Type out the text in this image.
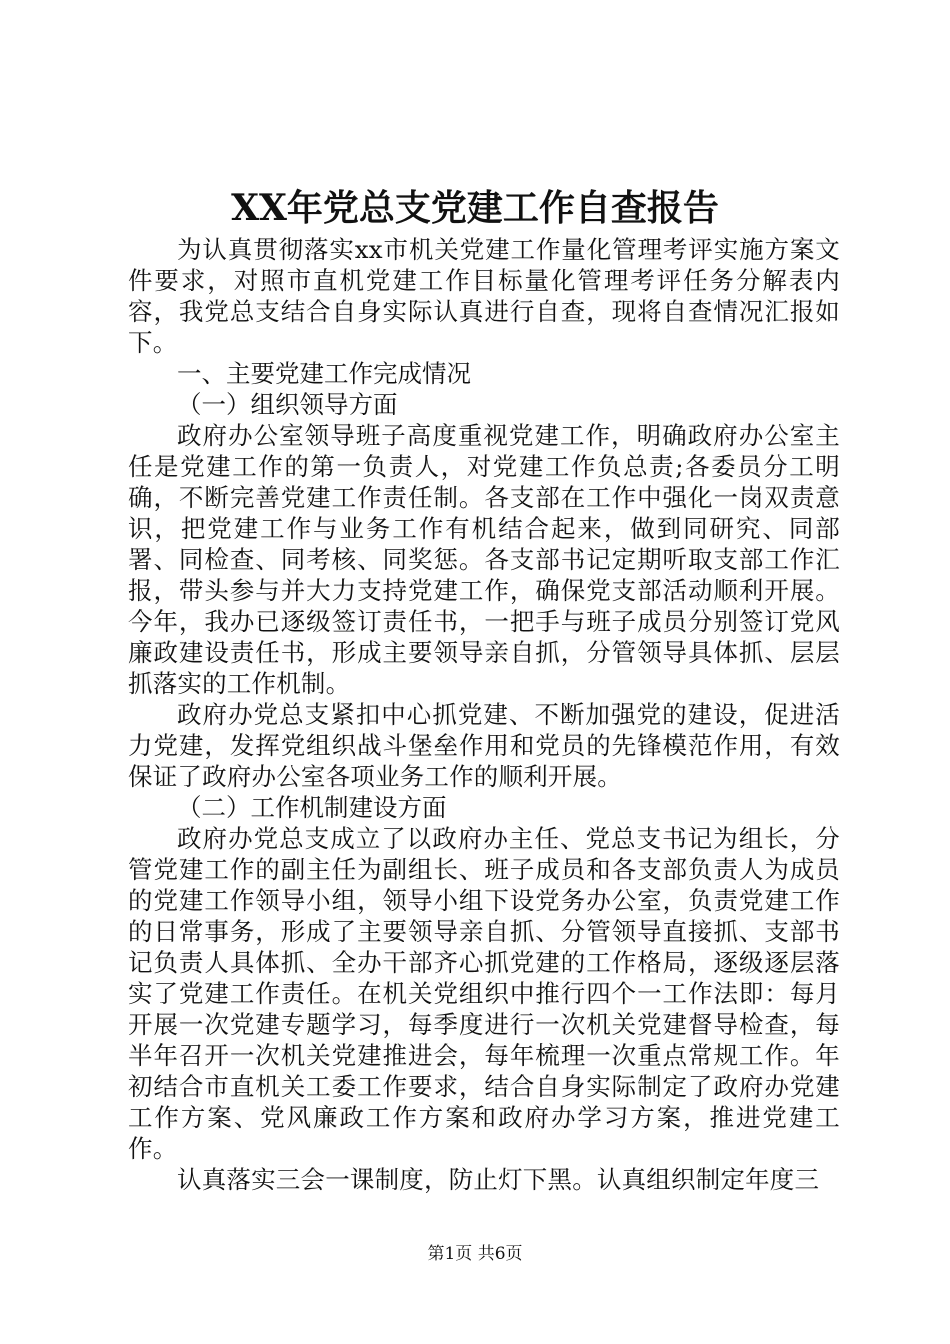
XX年党总支党建工作自查报告

为认真贯彻落实xx市机关党建工作量化管理考评实施方案文件要求，对照市直机党建工作目标量化管理考评任务分解表内容，我党总支结合自身实际认真进行自查，现将自查情况汇报如下。

一、主要党建工作完成情况

（一）组织领导方面

政府办公室领导班子高度重视党建工作，明确政府办公室主任是党建工作的第一负责人，对党建工作负总责;各委员分工明确，不断完善党建工作责任制。各支部在工作中强化一岗双责意识，把党建工作与业务工作有机结合起来，做到同研究、同部署、同检查、同考核、同奖惩。各支部书记定期听取支部工作汇报，带头参与并大力支持党建工作，确保党支部活动顺利开展。今年，我办已逐级签订责任书，一把手与班子成员分别签订党风廉政建设责任书，形成主要领导亲自抓，分管领导具体抓、层层抓落实的工作机制。

政府办党总支紧扣中心抓党建、不断加强党的建设，促进活力党建，发挥党组织战斗堡垒作用和党员的先锋模范作用，有效保证了政府办公室各项业务工作的顺利开展。

（二）工作机制建设方面

政府办党总支成立了以政府办主任、党总支书记为组长，分管党建工作的副主任为副组长、班子成员和各支部负责人为成员的党建工作领导小组，领导小组下设党务办公室，负责党建工作的日常事务，形成了主要领导亲自抓、分管领导直接抓、支部书记负责人具体抓、全办干部齐心抓党建的工作格局，逐级逐层落实了党建工作责任。在机关党组织中推行四个一工作法即：每月开展一次党建专题学习，每季度进行一次机关党建督导检查，每半年召开一次机关党建推进会，每年梳理一次重点常规工作。年初结合市直机关工委工作要求，结合自身实际制定了政府办党建工作方案、党风廉政工作方案和政府办学习方案，推进党建工作。

认真落实三会一课制度，防止灯下黑。认真组织制定年度三

第1页 共6页
